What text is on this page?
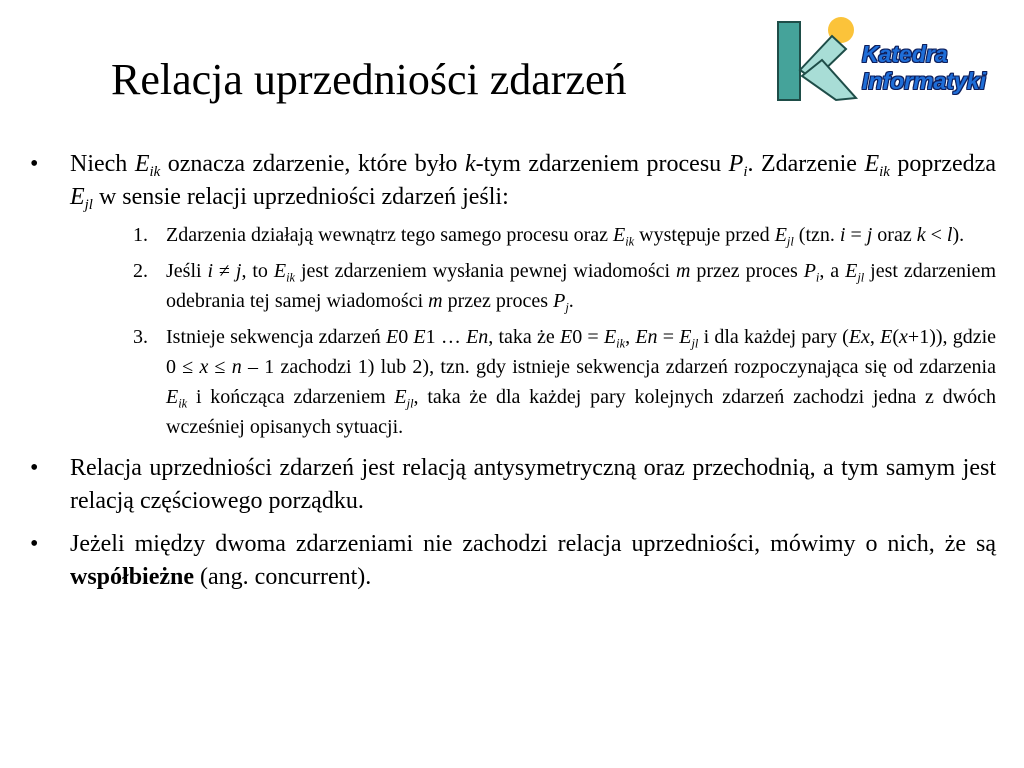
Relacja uprzedniości zdarzeń
Katedra
Informatyki
• Niech $E_{ik}$ oznacza zdarzenie, które było k-tym zdarzeniem procesu $P_i$. Zdarzenie $E_{ik}$ poprzedza $E_{jl}$ w sensie relacji uprzedniości zdarzeń jeśli:
1. Zdarzenia działają wewnątrz tego samego procesu oraz $E_{ik}$ występuje przed $E_{jl}$ (tzn. i = j oraz k < l).
2. Jeśli i ≠ j, to $E_{ik}$ jest zdarzeniem wysłania pewnej wiadomości m przez proces $P_i$, a $E_{jl}$ jest zdarzeniem odebrania tej samej wiadomości m przez proces $P_j$.
3. Istnieje sekwencja zdarzeń E0 E1 … En, taka że $E0 = E_{ik}$, $En = E_{jl}$ i dla każdej pary (Ex, E(x+1)), gdzie 0 ≤ x ≤ n – 1 zachodzi 1) lub 2), tzn. gdy istnieje sekwencja zdarzeń rozpoczynająca się od zdarzenia $E_{ik}$ i kończąca zdarzeniem $E_{jl}$, taka że dla każdej pary kolejnych zdarzeń zachodzi jedna z dwóch wcześniej opisanych sytuacji.
• Relacja uprzedniości zdarzeń jest relacją antysymetryczną oraz przechodnią, a tym samym jest relacją częściowego porządku.
• Jeżeli między dwoma zdarzeniami nie zachodzi relacja uprzedniości, mówimy o nich, że są współbieżne (ang. concurrent).
